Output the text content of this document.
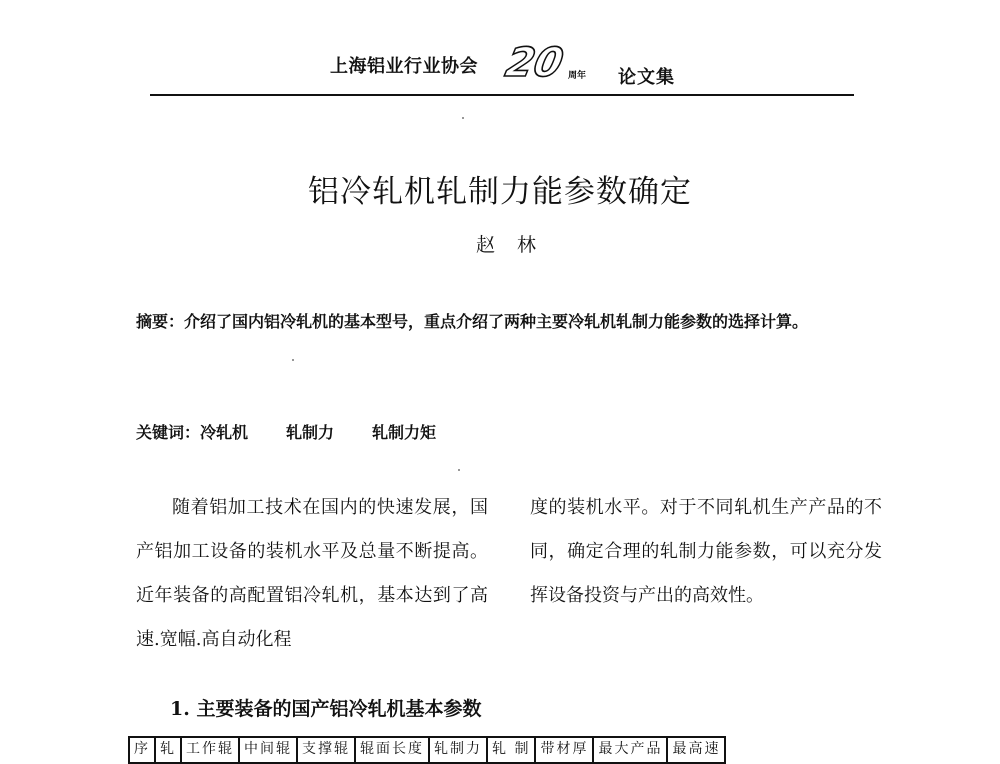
上海铝业行业协会 20 周年 论文集
铝冷轧机轧制力能参数确定
赵 林
摘要：介绍了国内铝冷轧机的基本型号，重点介绍了两种主要冷轧机轧制力能参数的选择计算。
关键词：冷轧机 轧制力 轧制力矩

随着铝加工技术在国内的快速发展，国产铝加工设备的装机水平及总量不断提高。近年装备的高配置铝冷轧机，基本达到了高速.宽幅.高自动化程

度的装机水平。对于不同轧机生产产品的不同，确定合理的轧制力能参数，可以充分发挥设备投资与产出的高效性。

1. 主要装备的国产铝冷轧机基本参数
序	轧	工作辊	中间辊	支撑辊	辊面长度	轧制力	轧 制	带材厚	最大产品	最高速
